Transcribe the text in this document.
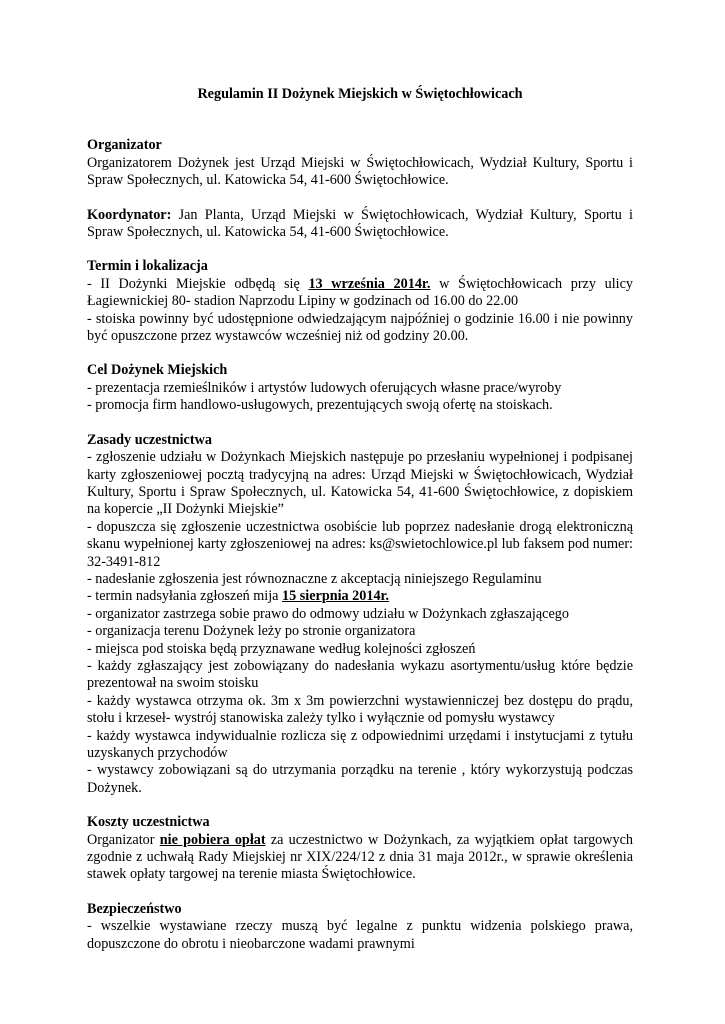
Regulamin II Dożynek Miejskich w Świętochłowicach
Organizator
Organizatorem Dożynek jest Urząd Miejski w Świętochłowicach, Wydział Kultury, Sportu i Spraw Społecznych, ul. Katowicka 54, 41-600 Świętochłowice.
Koordynator: Jan Planta, Urząd Miejski w Świętochłowicach, Wydział Kultury, Sportu i Spraw Społecznych, ul. Katowicka 54, 41-600 Świętochłowice.
Termin i lokalizacja
- II Dożynki Miejskie odbędą się 13 września 2014r. w Świętochłowicach przy ulicy Łagiewnickiej 80- stadion Naprzodu Lipiny w godzinach od 16.00 do 22.00
- stoiska powinny być udostępnione odwiedzającym najpóźniej o godzinie 16.00 i nie powinny być opuszczone przez wystawców wcześniej niż od godziny 20.00.
Cel Dożynek Miejskich
- prezentacja rzemieślników i artystów ludowych oferujących własne prace/wyroby
- promocja firm handlowo-usługowych, prezentujących swoją ofertę na stoiskach.
Zasady uczestnictwa
- zgłoszenie udziału w Dożynkach Miejskich następuje po przesłaniu wypełnionej i podpisanej karty zgłoszeniowej pocztą tradycyjną na adres: Urząd Miejski w Świętochłowicach, Wydział Kultury, Sportu i Spraw Społecznych, ul. Katowicka 54, 41-600 Świętochłowice, z dopiskiem na kopercie „II Dożynki Miejskie”
- dopuszcza się zgłoszenie uczestnictwa osobiście lub poprzez nadesłanie drogą elektroniczną skanu wypełnionej karty zgłoszeniowej na adres: ks@swietochlowice.pl lub faksem pod numer: 32-3491-812
- nadesłanie zgłoszenia jest równoznaczne z akceptacją niniejszego Regulaminu
- termin nadsyłania zgłoszeń mija 15 sierpnia 2014r.
- organizator zastrzega sobie prawo do odmowy udziału w Dożynkach zgłaszającego
- organizacja terenu Dożynek leży po stronie organizatora
- miejsca pod stoiska będą przyznawane według kolejności zgłoszeń
- każdy zgłaszający jest zobowiązany do nadesłania wykazu asortymentu/usług które będzie prezentował na swoim stoisku
- każdy wystawca otrzyma ok. 3m x 3m powierzchni wystawienniczej bez dostępu do prądu, stołu i krzeseł- wystrój stanowiska zależy tylko i wyłącznie od pomysłu wystawcy
- każdy wystawca indywidualnie rozlicza się z odpowiednimi urzędami i instytucjami z tytułu uzyskanych przychodów
- wystawcy zobowiązani są do utrzymania porządku na terenie , który wykorzystują podczas Dożynek.
Koszty uczestnictwa
Organizator nie pobiera opłat za uczestnictwo w Dożynkach, za wyjątkiem opłat targowych zgodnie z uchwałą Rady Miejskiej nr XIX/224/12 z dnia 31 maja 2012r., w sprawie określenia stawek opłaty targowej na terenie miasta Świętochłowice.
Bezpieczeństwo
- wszelkie wystawiane rzeczy muszą być legalne z punktu widzenia polskiego prawa, dopuszczone do obrotu i nieobarczone wadami prawnymi
